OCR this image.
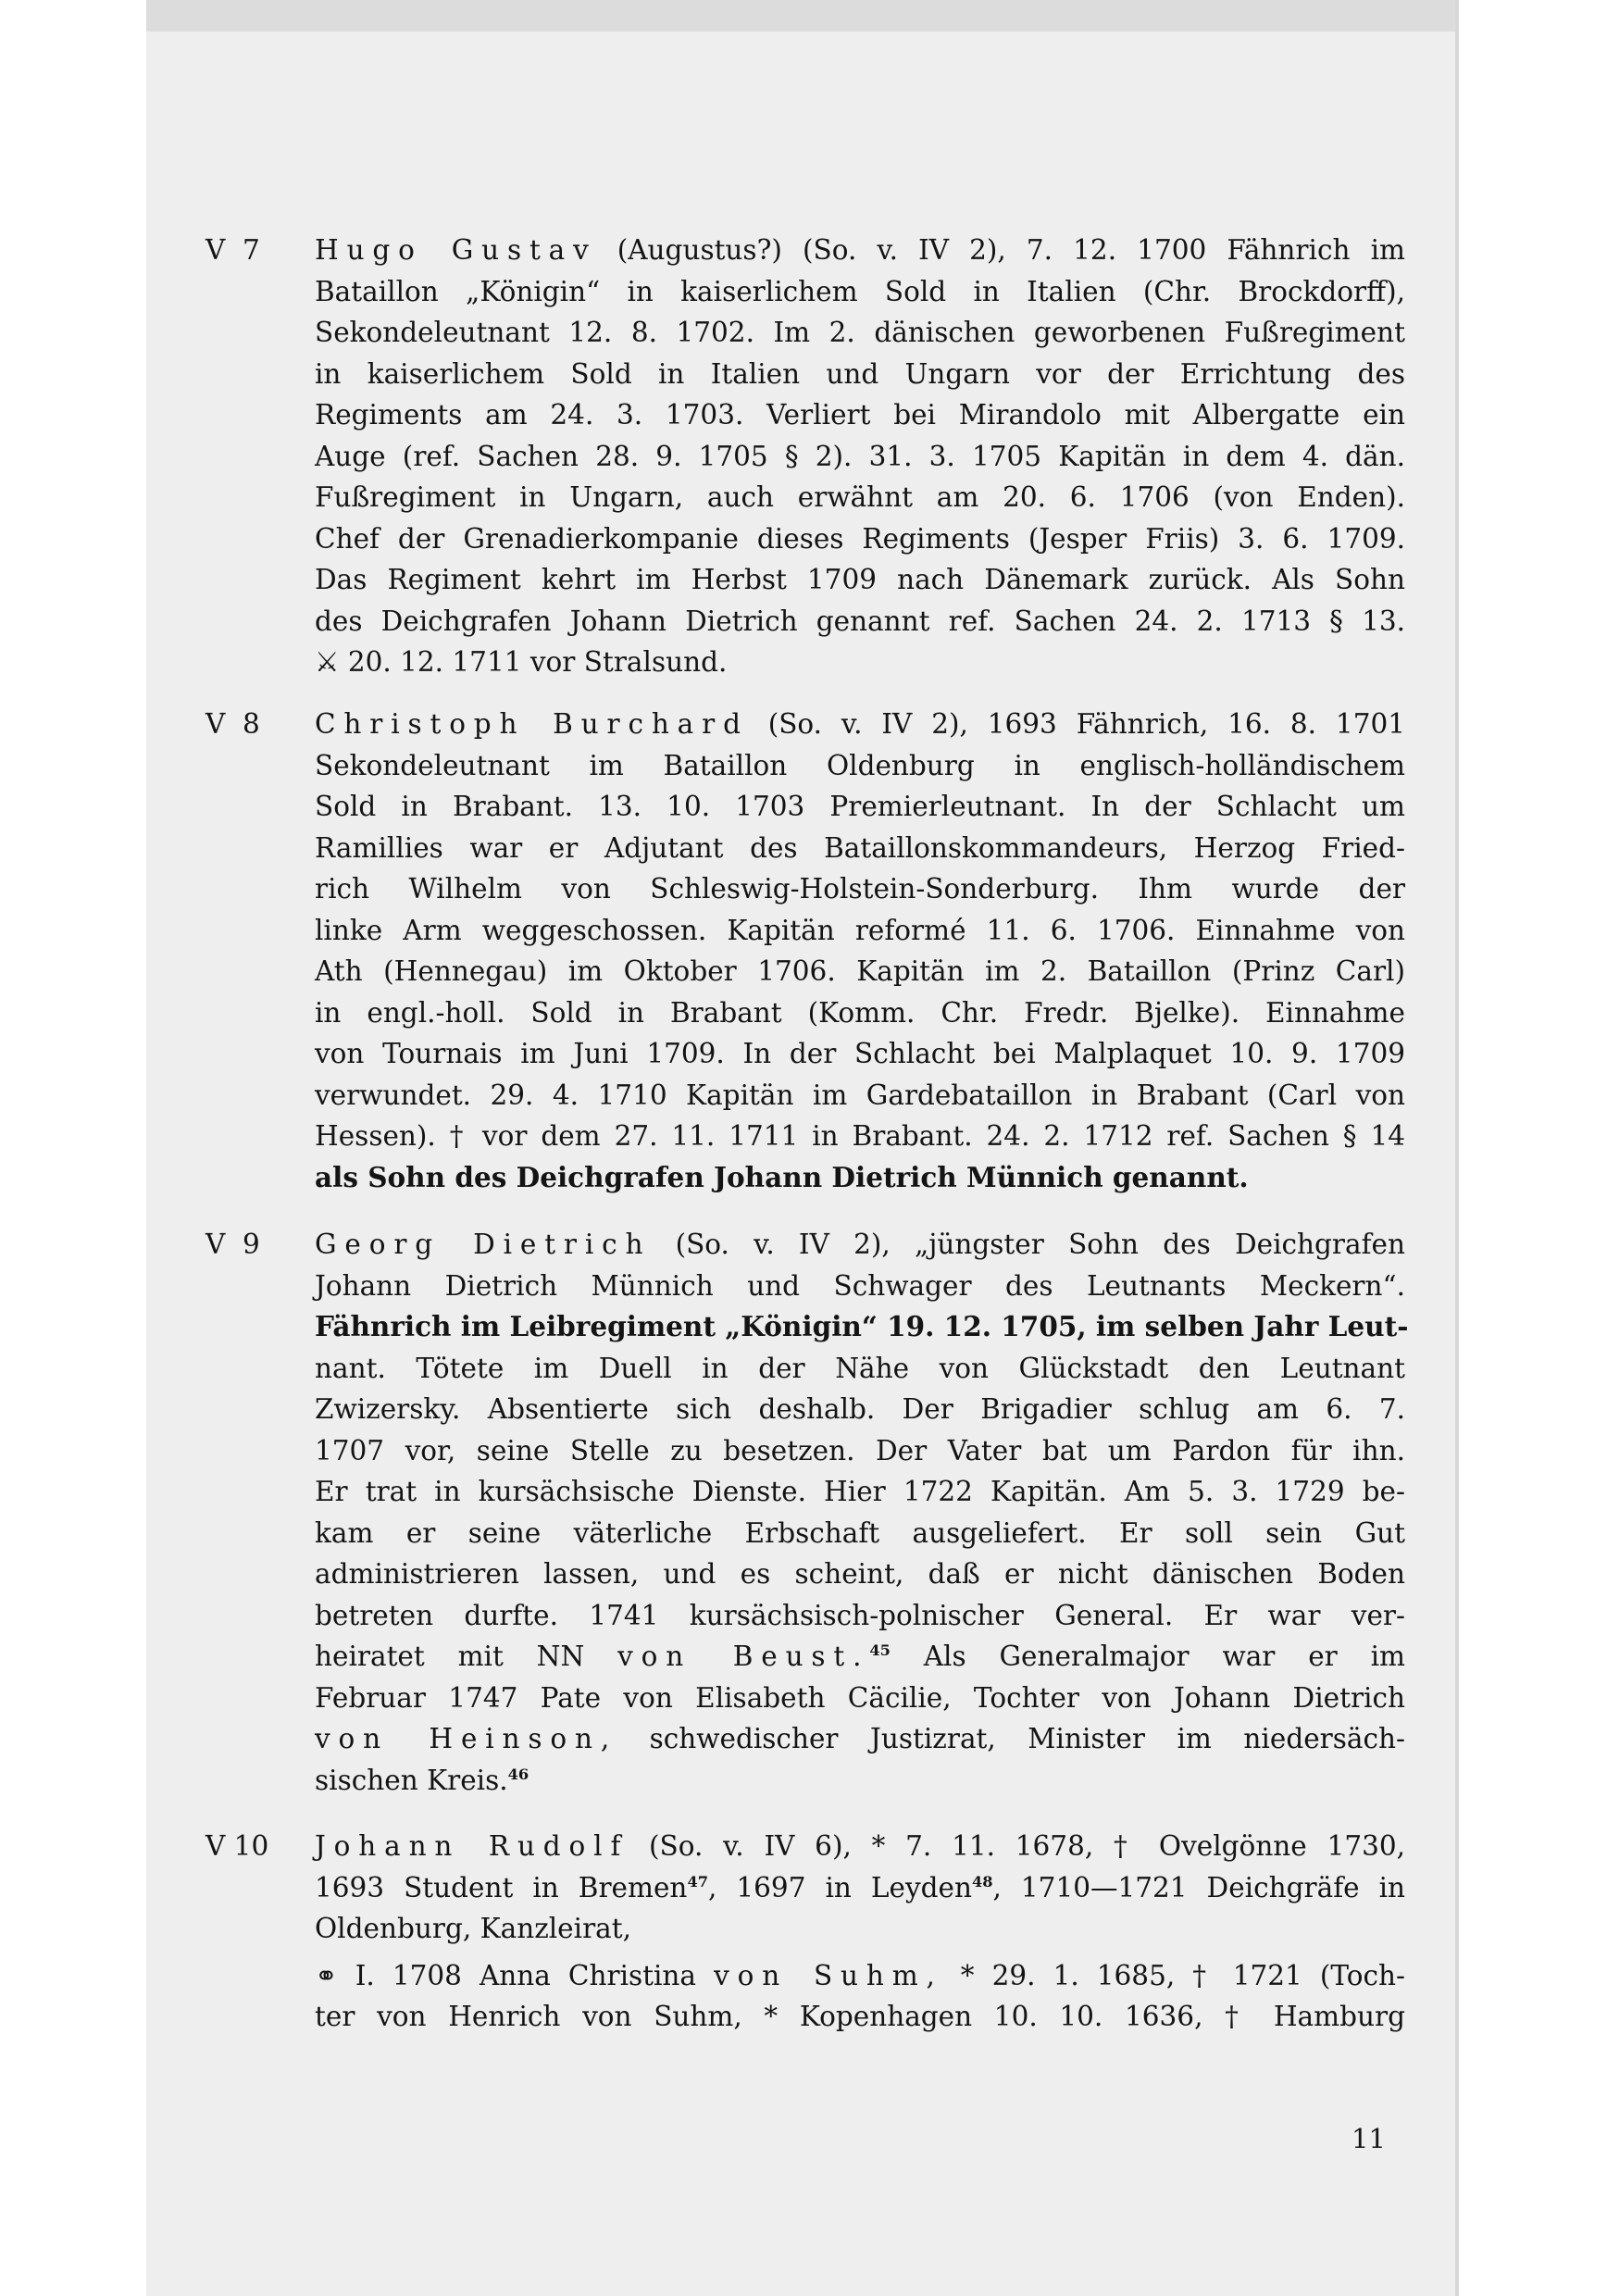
V  7	Hugo Gustav (Augustus?) (So. v. IV 2), 7. 12. 1700 Fähnrich im
Bataillon „Königin“ in kaiserlichem Sold in Italien (Chr. Brockdorff),
Sekondeleutnant 12. 8. 1702. Im 2. dänischen geworbenen Fußregiment
in kaiserlichem Sold in Italien und Ungarn vor der Errichtung des
Regiments am 24. 3. 1703. Verliert bei Mirandolo mit Albergatte ein
Auge (ref. Sachen 28. 9. 1705 § 2). 31. 3. 1705 Kapitän in dem 4. dän.
Fußregiment in Ungarn, auch erwähnt am 20. 6. 1706 (von Enden).
Chef der Grenadierkompanie dieses Regiments (Jesper Friis) 3. 6. 1709.
Das Regiment kehrt im Herbst 1709 nach Dänemark zurück. Als Sohn
des Deichgrafen Johann Dietrich genannt ref. Sachen 24. 2. 1713 § 13.
⚔ 20. 12. 1711 vor Stralsund.
V  8	Christoph Burchard (So. v. IV 2), 1693 Fähnrich, 16. 8. 1701
Sekondeleutnant im Bataillon Oldenburg in englisch-holländischem
Sold in Brabant. 13. 10. 1703 Premierleutnant. In der Schlacht um
Ramillies war er Adjutant des Bataillonskommandeurs, Herzog Fried-
rich Wilhelm von Schleswig-Holstein-Sonderburg. Ihm wurde der
linke Arm weggeschossen. Kapitän reformé 11. 6. 1706. Einnahme von
Ath (Hennegau) im Oktober 1706. Kapitän im 2. Bataillon (Prinz Carl)
in engl.-holl. Sold in Brabant (Komm. Chr. Fredr. Bjelke). Einnahme
von Tournais im Juni 1709. In der Schlacht bei Malplaquet 10. 9. 1709
verwundet. 29. 4. 1710 Kapitän im Gardebataillon in Brabant (Carl von
Hessen). † vor dem 27. 11. 1711 in Brabant. 24. 2. 1712 ref. Sachen § 14
als Sohn des Deichgrafen Johann Dietrich Münnich genannt.
V  9	Georg Dietrich (So. v. IV 2), „jüngster Sohn des Deichgrafen
Johann Dietrich Münnich und Schwager des Leutnants Meckern“.
Fähnrich im Leibregiment „Königin“ 19. 12. 1705, im selben Jahr Leut-
nant. Tötete im Duell in der Nähe von Glückstadt den Leutnant
Zwizersky. Absentierte sich deshalb. Der Brigadier schlug am 6. 7.
1707 vor, seine Stelle zu besetzen. Der Vater bat um Pardon für ihn.
Er trat in kursächsische Dienste. Hier 1722 Kapitän. Am 5. 3. 1729 be-
kam er seine väterliche Erbschaft ausgeliefert. Er soll sein Gut
administrieren lassen, und es scheint, daß er nicht dänischen Boden
betreten durfte. 1741 kursächsisch-polnischer General. Er war ver-
heiratet mit NN von Beust.$^{45}$ Als Generalmajor war er im
Februar 1747 Pate von Elisabeth Cäcilie, Tochter von Johann Dietrich
von Heinson, schwedischer Justizrat, Minister im niedersäch-
sischen Kreis.$^{46}$
V 10	Johann Rudolf (So. v. IV 6), * 7. 11. 1678, † Ovelgönne 1730,
1693 Student in Bremen$^{47}$, 1697 in Leyden$^{48}$, 1710—1721 Deichgräfe in
Oldenburg, Kanzleirat,
⚭ I. 1708 Anna Christina von Suhm, * 29. 1. 1685, † 1721 (Toch-
ter von Henrich von Suhm, * Kopenhagen 10. 10. 1636, † Hamburg
11
